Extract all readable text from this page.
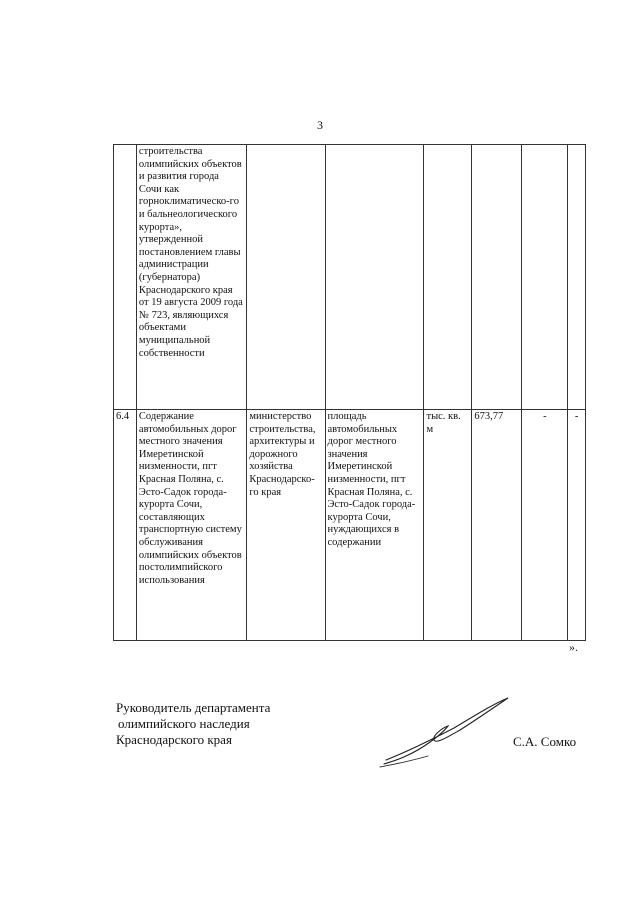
3
	строительства олимпийских объектов и развития города Сочи как горноклиматическо-го и бальнеологического курорта», утвержденной постановлением главы администрации (губернатора) Краснодарского края от 19 августа 2009 года № 723, являющихся объектами муниципальной собственности						
6.4	Содержание автомобильных дорог местного значения Имеретинской низменности, пгт Красная Поляна, с. Эсто-Садок города-курорта Сочи, составляющих транспортную систему обслуживания олимпийских объектов постолимпийского использования	министерство строительства, архитектуры и дорожного хозяйства Краснодарско-го края	площадь автомобильных дорог местного значения Имеретинской низменности, пгт Красная Поляна, с. Эсто-Садок города-курорта Сочи, нуждающихся в содержании	тыс. кв. м	673,77	-	-
».
Руководитель департамента
олимпийского наследия
Краснодарского края	С.А. Сомко
